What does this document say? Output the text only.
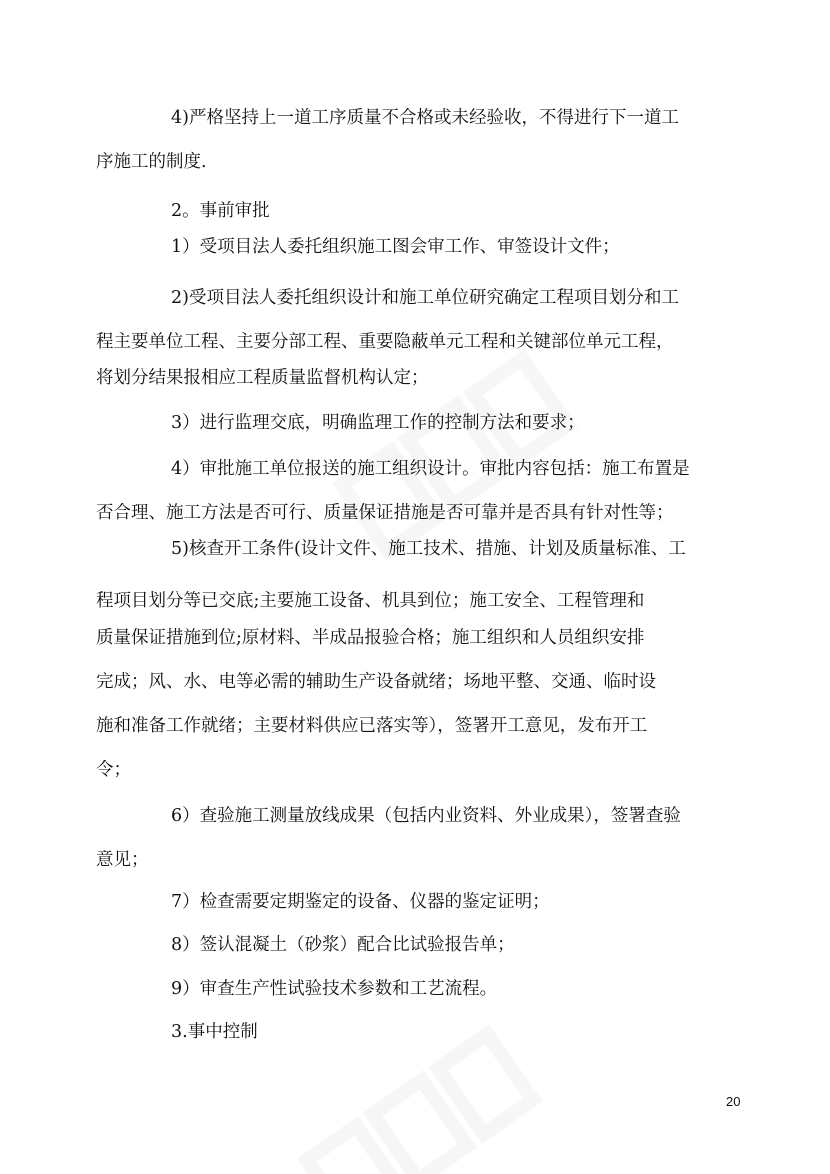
4)严格坚持上一道工序质量不合格或未经验收，不得进行下一道工
序施工的制度.
2。事前审批
1）受项目法人委托组织施工图会审工作、审签设计文件；
2)受项目法人委托组织设计和施工单位研究确定工程项目划分和工
程主要单位工程、主要分部工程、重要隐蔽单元工程和关键部位单元工程，
将划分结果报相应工程质量监督机构认定；
3）进行监理交底，明确监理工作的控制方法和要求；
4）审批施工单位报送的施工组织设计。审批内容包括：施工布置是
否合理、施工方法是否可行、质量保证措施是否可靠并是否具有针对性等；
5)核查开工条件(设计文件、施工技术、措施、计划及质量标准、工
程项目划分等已交底;主要施工设备、机具到位；施工安全、工程管理和
质量保证措施到位;原材料、半成品报验合格；施工组织和人员组织安排
完成；风、水、电等必需的辅助生产设备就绪；场地平整、交通、临时设
施和准备工作就绪；主要材料供应已落实等），签署开工意见，发布开工
令；
6）查验施工测量放线成果（包括内业资料、外业成果），签署查验
意见；
7）检查需要定期鉴定的设备、仪器的鉴定证明；
8）签认混凝土（砂浆）配合比试验报告单；
9）审查生产性试验技术参数和工艺流程。
3.事中控制
20
